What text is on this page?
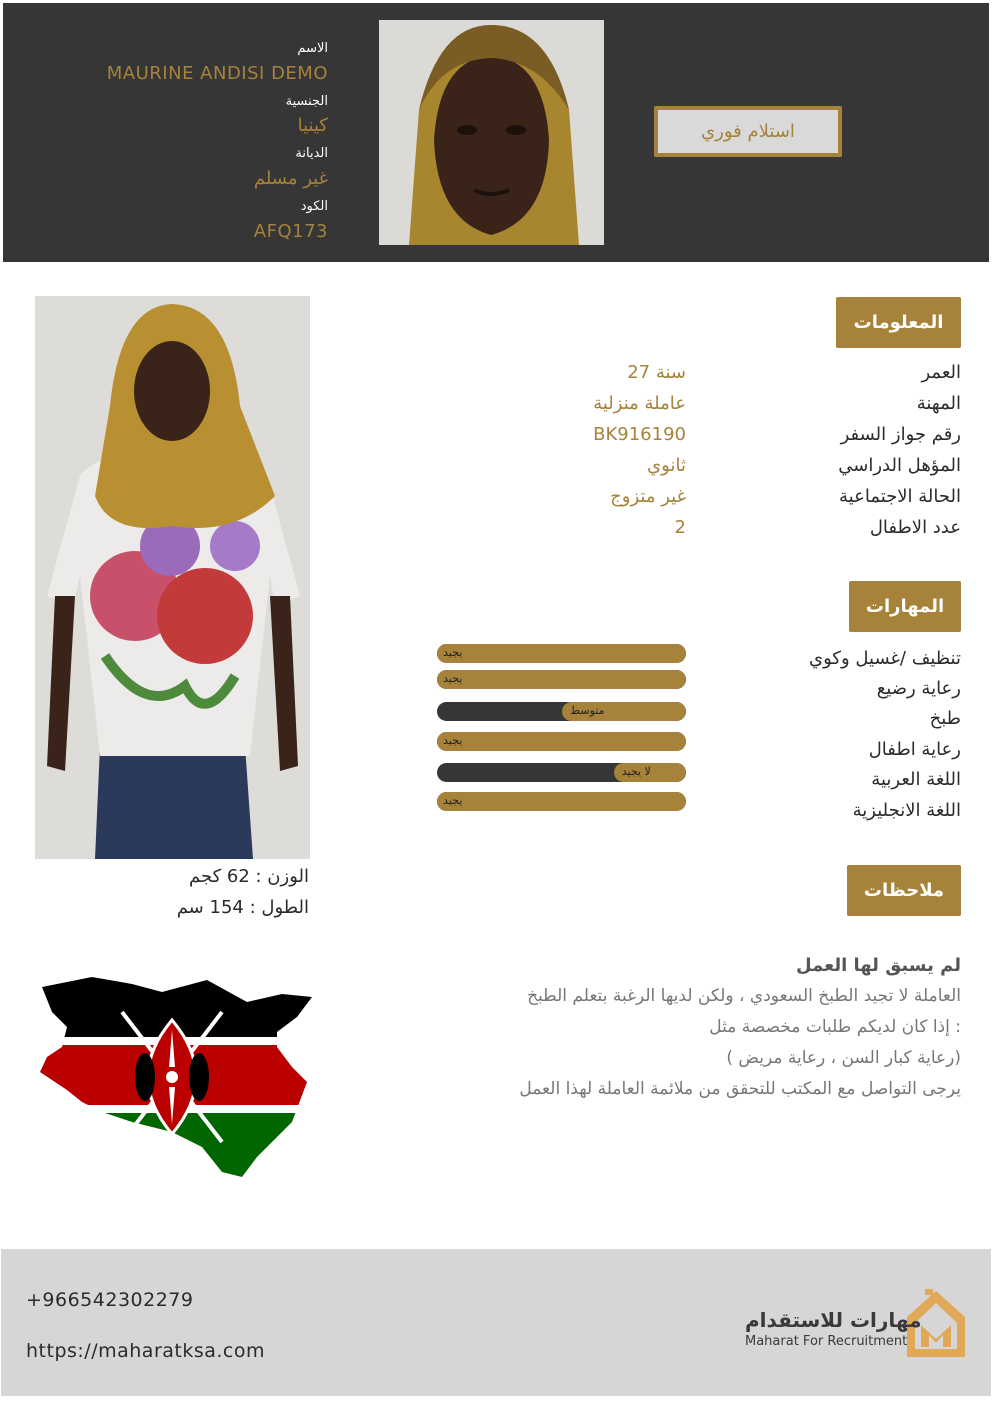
الاسم
MAURINE ANDISI DEMO
الجنسية
كينيا
الديانة
غير مسلم
الكود
AFQ173
استلام فوري
المعلومات
العمر
27 سنة
المهنة
عاملة منزلية
رقم جواز السفر
BK916190
المؤهل الدراسي
ثانوي
الحالة الاجتماعية
غير متزوج
عدد الاطفال
2
المهارات
تنظيف /غسيل وكوي
رعاية رضيع
طبخ
رعاية اطفال
اللغة العربية
اللغة الانجليزية
يجيد
يجيد
متوسط
يجيد
لا يجيد
يجيد
الوزن : 62 كجم
الطول : 154 سم
ملاحظات
لم يسبق لها العمل
العاملة لا تجيد الطبخ السعودي ، ولكن لديها الرغبة بتعلم الطبخ
إذا كان لديكم طلبات مخصصة مثل :
( رعاية كبار السن ، رعاية مريض)
يرجى التواصل مع المكتب للتحقق من ملائمة العاملة لهذا العمل
+966542302279
https://maharatksa.com
مهارات للاستقدام
Maharat For Recruitment
